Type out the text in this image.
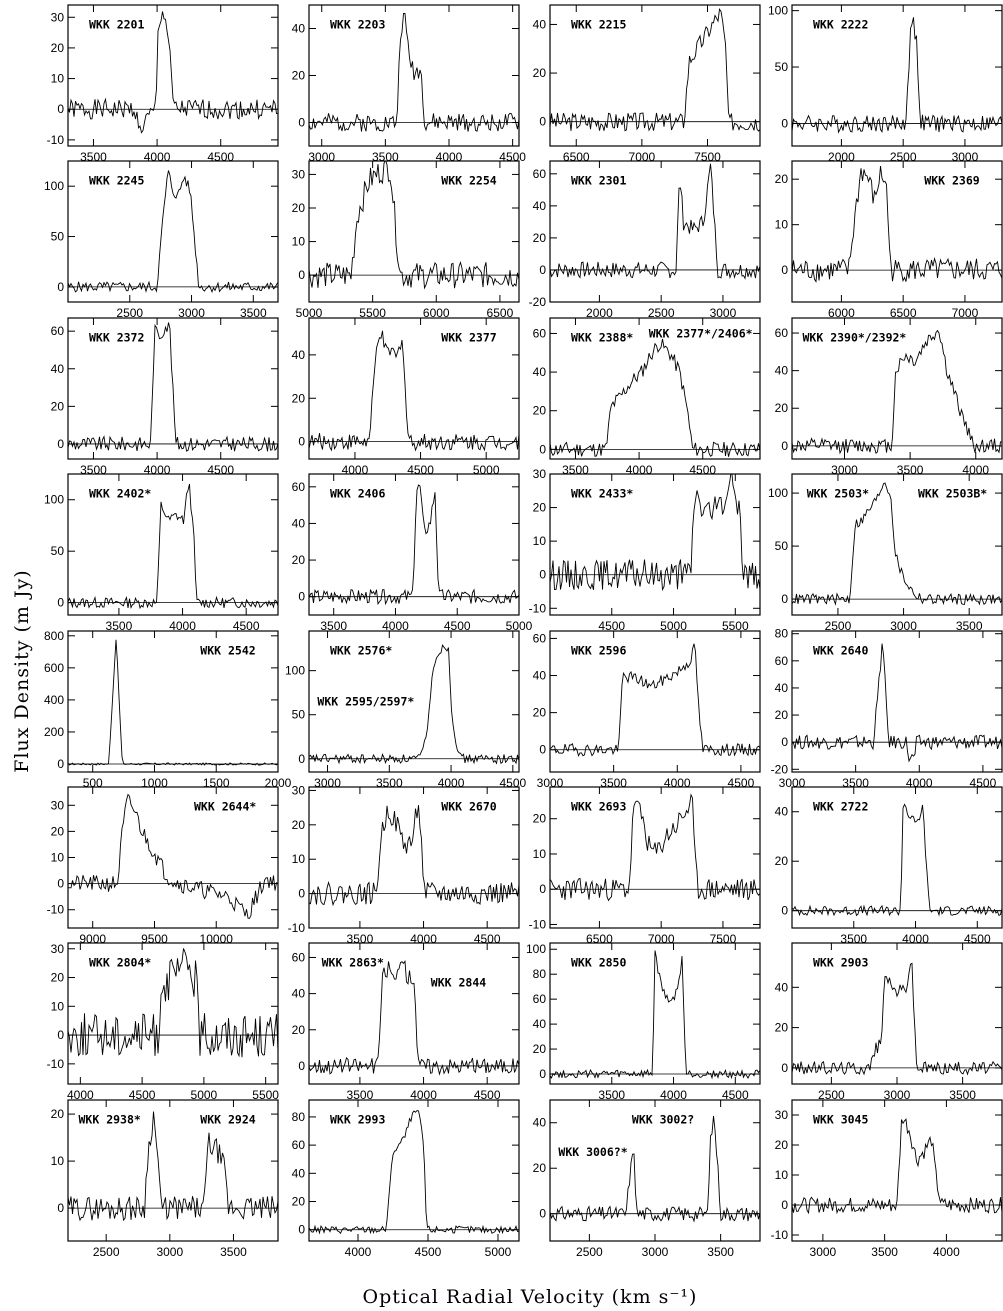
3500	4000	4500
-10
0
10
20
30
WKK 2201
3000	3500	4000	4500
0
20
40 WKK 2203
6500	7000	7500
0
20
40 WKK 2215
2000	2500	3000
0
50
100
WKK 2222
2500	3000	3500
0
50
100 WKK 2245
5000	5500	6000	6500
0
10
20
30	WKK 2254
2000	2500	3000
-20
0
20
40
60 WKK 2301
6000	6500	7000
0
10
20	WKK 2369
3500	4000	4500
0
20
40
60 WKK 2372
4000	4500	5000
0
20
40
WKK 2377
3500	4000	4500
0
20
40
60 WKK 2388* WKK 2377*/2406*
3000	3500	4000
0
20
40
60 WKK 2390*/2392*
3500	4000	4500
0
50
100 WKK 2402*
3500	4000	4500	5000
0
20
40
60 WKK 2406
4500	5000	5500
-10
0
10
20
30
WKK 2433*
2500	3000	3500
0
50
100 WKK 2503*	WKK 2503B*
500	1000	1500	2000
0
200
400
600
800
WKK 2542
3000	3500	4000	4500
0
50
100
WKK 2576*
WKK 2595/2597*
3000	3500	4000	4500
0
20
40
60
WKK 2596
3000	3500	4000	4500
-20
0
20
40
60
80
WKK 2640
9000	9500	10000
-10
0
10
20
30	WKK 2644*
3500	4000	4500
-10
0
10
20
30
WKK 2670
6500	7000	7500
-10
0
10
20
WKK 2693
3500	4000	4500
0
20
40 WKK 2722
4000	4500	5000	5500
-10
0
10
20
30
WKK 2804*
3500	4000	4500
0
20
40
60 WKK 2863*
WKK 2844
3500	4000	4500
0
20
40
60
80
100
WKK 2850
2500	3000	3500
0
20
40
WKK 2903
2500	3000	3500
0
10
20 WKK 2938*	WKK 2924
4000	4500	5000
0
20
40
60
80 WKK 2993
2500	3000	3500
0
20
40
WKK 3006?*
WKK 3002?
3000	3500	4000
-10
0
10
20
30 WKK 3045
Flux Density (m Jy)
Optical Radial Velocity (km s⁻¹)
